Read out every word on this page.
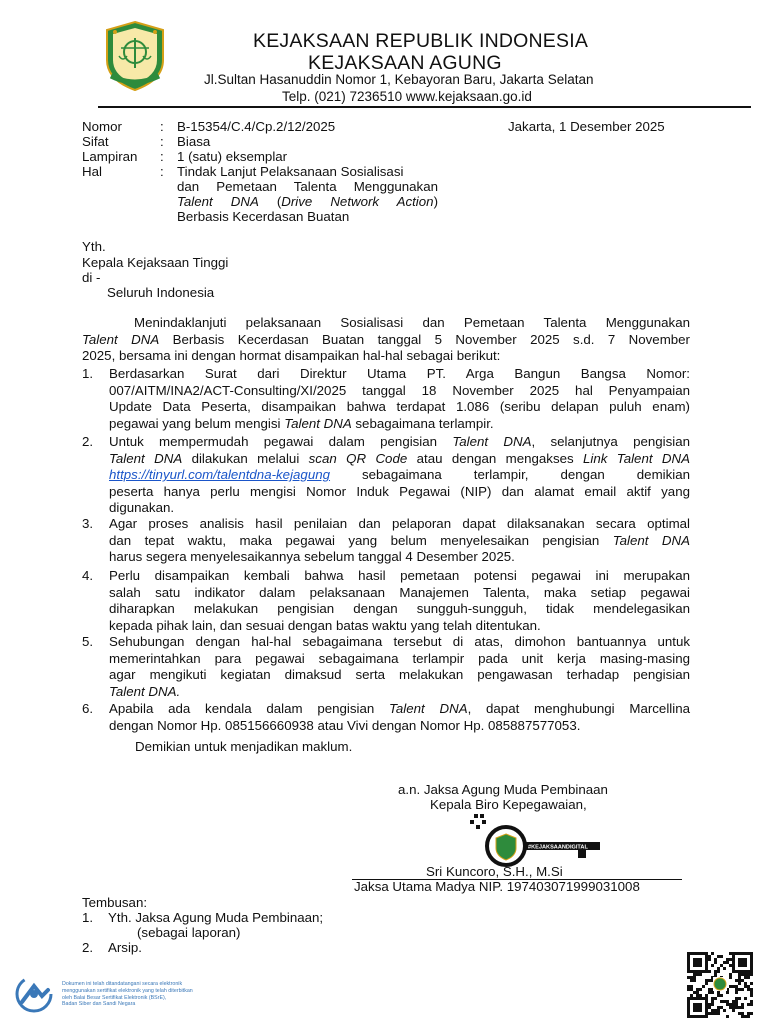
KEJAKSAAN REPUBLIK INDONESIA
KEJAKSAAN AGUNG
Jl.Sultan Hasanuddin Nomor 1, Kebayoran Baru, Jakarta Selatan
Telp. (021) 7236510 www.kejaksaan.go.id
Nomor	: B-15354/C.4/Cp.2/12/2025	Jakarta, 1 Desember 2025
Sifat	: Biasa
Lampiran : 1 (satu) eksemplar
Hal	: Tindak Lanjut Pelaksanaan Sosialisasi
dan Pemetaan Talenta Menggunakan
Talent DNA (Drive Network Action)
Berbasis Kecerdasan Buatan
Yth.
Kepala Kejaksaan Tinggi
di -
Seluruh Indonesia
Menindaklanjuti pelaksanaan Sosialisasi dan Pemetaan Talenta Menggunakan
Talent DNA Berbasis Kecerdasan Buatan tanggal 5 November 2025 s.d. 7 November
2025, bersama ini dengan hormat disampaikan hal-hal sebagai berikut:
1. Berdasarkan Surat dari Direktur Utama PT. Arga Bangun Bangsa Nomor:
007/AITM/INA2/ACT-Consulting/XI/2025 tanggal 18 November 2025 hal Penyampaian
Update Data Peserta, disampaikan bahwa terdapat 1.086 (seribu delapan puluh enam)
pegawai yang belum mengisi Talent DNA sebagaimana terlampir.
2. Untuk mempermudah pegawai dalam pengisian Talent DNA, selanjutnya pengisian
Talent DNA dilakukan melalui scan QR Code atau dengan mengakses Link Talent DNA
https://tinyurl.com/talentdna-kejagung sebagaimana terlampir, dengan demikian
peserta hanya perlu mengisi Nomor Induk Pegawai (NIP) dan alamat email aktif yang
digunakan.
3. Agar proses analisis hasil penilaian dan pelaporan dapat dilaksanakan secara optimal
dan tepat waktu, maka pegawai yang belum menyelesaikan pengisian Talent DNA
harus segera menyelesaikannya sebelum tanggal 4 Desember 2025.
4. Perlu disampaikan kembali bahwa hasil pemetaan potensi pegawai ini merupakan
salah satu indikator dalam pelaksanaan Manajemen Talenta, maka setiap pegawai
diharapkan melakukan pengisian dengan sungguh-sungguh, tidak mendelegasikan
kepada pihak lain, dan sesuai dengan batas waktu yang telah ditentukan.
5. Sehubungan dengan hal-hal sebagaimana tersebut di atas, dimohon bantuannya untuk
memerintahkan para pegawai sebagaimana terlampir pada unit kerja masing-masing
agar mengikuti kegiatan dimaksud serta melakukan pengawasan terhadap pengisian
Talent DNA.
6. Apabila ada kendala dalam pengisian Talent DNA, dapat menghubungi Marcellina
dengan Nomor Hp. 085156660938 atau Vivi dengan Nomor Hp. 085887577053.
Demikian untuk menjadikan maklum.
a.n. Jaksa Agung Muda Pembinaan
Kepala Biro Kepegawaian,
#KEJAKSAANDIGITAL
Sri Kuncoro, S.H., M.Si
Jaksa Utama Madya NIP. 197403071999031008
Tembusan:
1. Yth. Jaksa Agung Muda Pembinaan;
(sebagai laporan)
2. Arsip.
Dokumen ini telah ditandatangani secara elektronik
menggunakan sertifikat elektronik yang telah diterbitkan
oleh Balai Besar Sertifikat Elektronik (BSrE),
Badan Siber dan Sandi Negara
